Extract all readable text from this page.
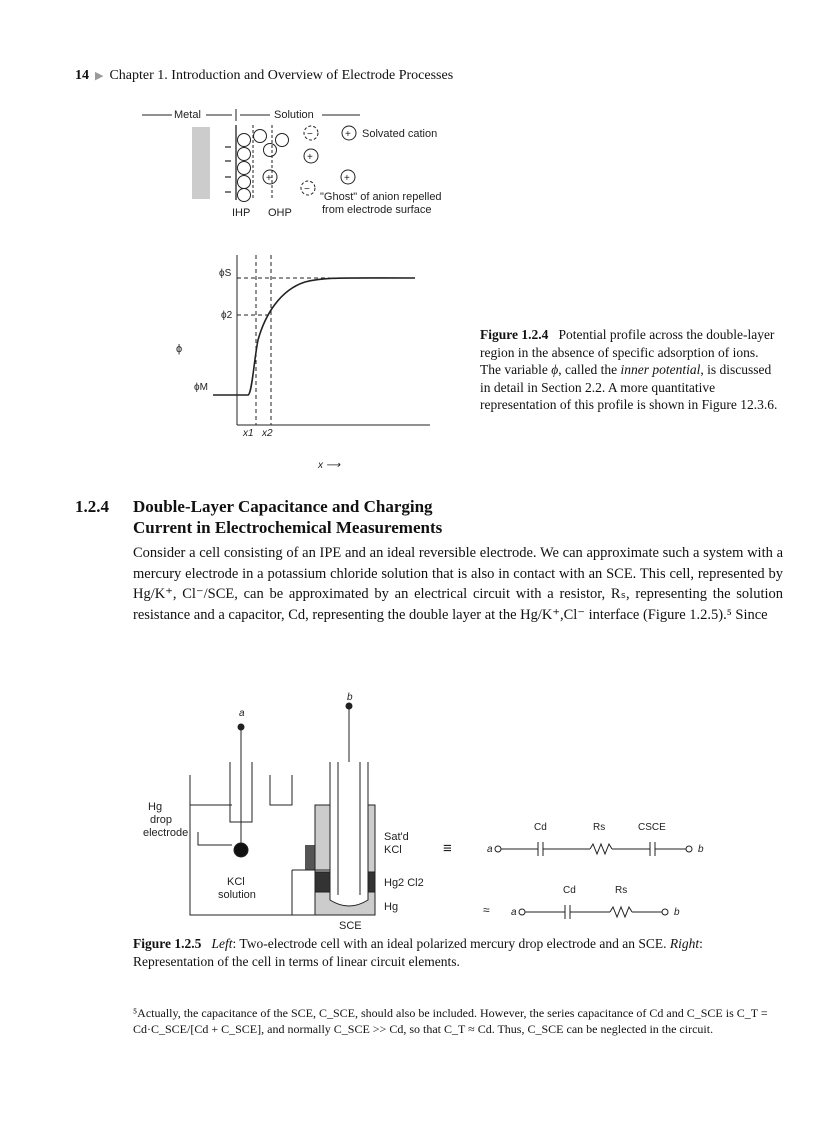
14 ▶ Chapter 1. Introduction and Overview of Electrode Processes
Metal	Solution
+
−
+
+
+
−
Solvated cation
"Ghost" of anion repelled
from electrode surface
IHP OHP
ϕS
ϕ2
ϕ
ϕM
x1 x2
x ⟶
a
b
Hg
drop
electrode
KCl
solution
Sat'd
KCl
Hg2 Cl2
Hg
SCE
≡
≈
a	b
Cd	Rs	CSCE
a	b
Cd	Rs
Figure 1.2.4 Potential profile across the double-layer region in the absence of specific adsorption of ions. The variable ϕ, called the inner potential, is discussed in detail in Section 2.2. A more quantitative representation of this profile is shown in Figure 12.3.6.
1.2.4 Double-Layer Capacitance and Charging
Current in Electrochemical Measurements
Consider a cell consisting of an IPE and an ideal reversible electrode. We can approximate such a system with a mercury electrode in a potassium chloride solution that is also in contact with an SCE. This cell, represented by Hg/K⁺, Cl⁻/SCE, can be approximated by an electrical circuit with a resistor, Rₛ, representing the solution resistance and a capacitor, Cd, representing the double layer at the Hg/K⁺,Cl⁻ interface (Figure 1.2.5).⁵ Since
Figure 1.2.5 Left: Two-electrode cell with an ideal polarized mercury drop electrode and an SCE. Right: Representation of the cell in terms of linear circuit elements.
⁵Actually, the capacitance of the SCE, C_SCE, should also be included. However, the series capacitance of Cd and C_SCE is C_T = Cd·C_SCE/[Cd + C_SCE], and normally C_SCE >> Cd, so that C_T ≈ Cd. Thus, C_SCE can be neglected in the circuit.
